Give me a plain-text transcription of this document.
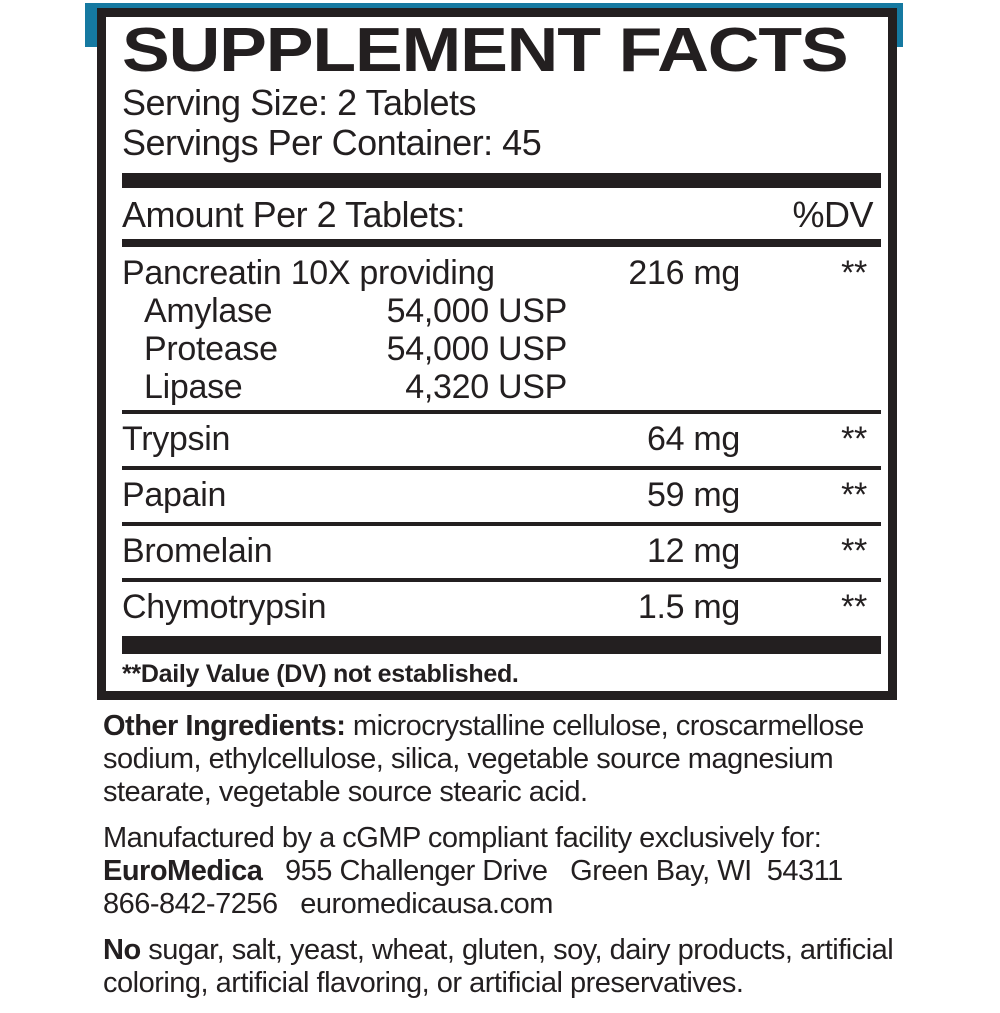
SUPPLEMENT FACTS
Serving Size: 2 Tablets
Servings Per Container: 45
Amount Per 2 Tablets:	%DV
Pancreatin 10X providing	216 mg	**
Amylase	54,000 USP
Protease	54,000 USP
Lipase	4,320 USP
Trypsin	64 mg	**
Papain	59 mg	**
Bromelain	12 mg	**
Chymotrypsin	1.5 mg	**
**Daily Value (DV) not established.
Other Ingredients: microcrystalline cellulose, croscarmellose
sodium, ethylcellulose, silica, vegetable source magnesium
stearate, vegetable source stearic acid.
Manufactured by a cGMP compliant facility exclusively for:
EuroMedica   955 Challenger Drive   Green Bay, WI  54311
866-842-7256   euromedicausa.com
No sugar, salt, yeast, wheat, gluten, soy, dairy products, artificial
coloring, artificial flavoring, or artificial preservatives.
